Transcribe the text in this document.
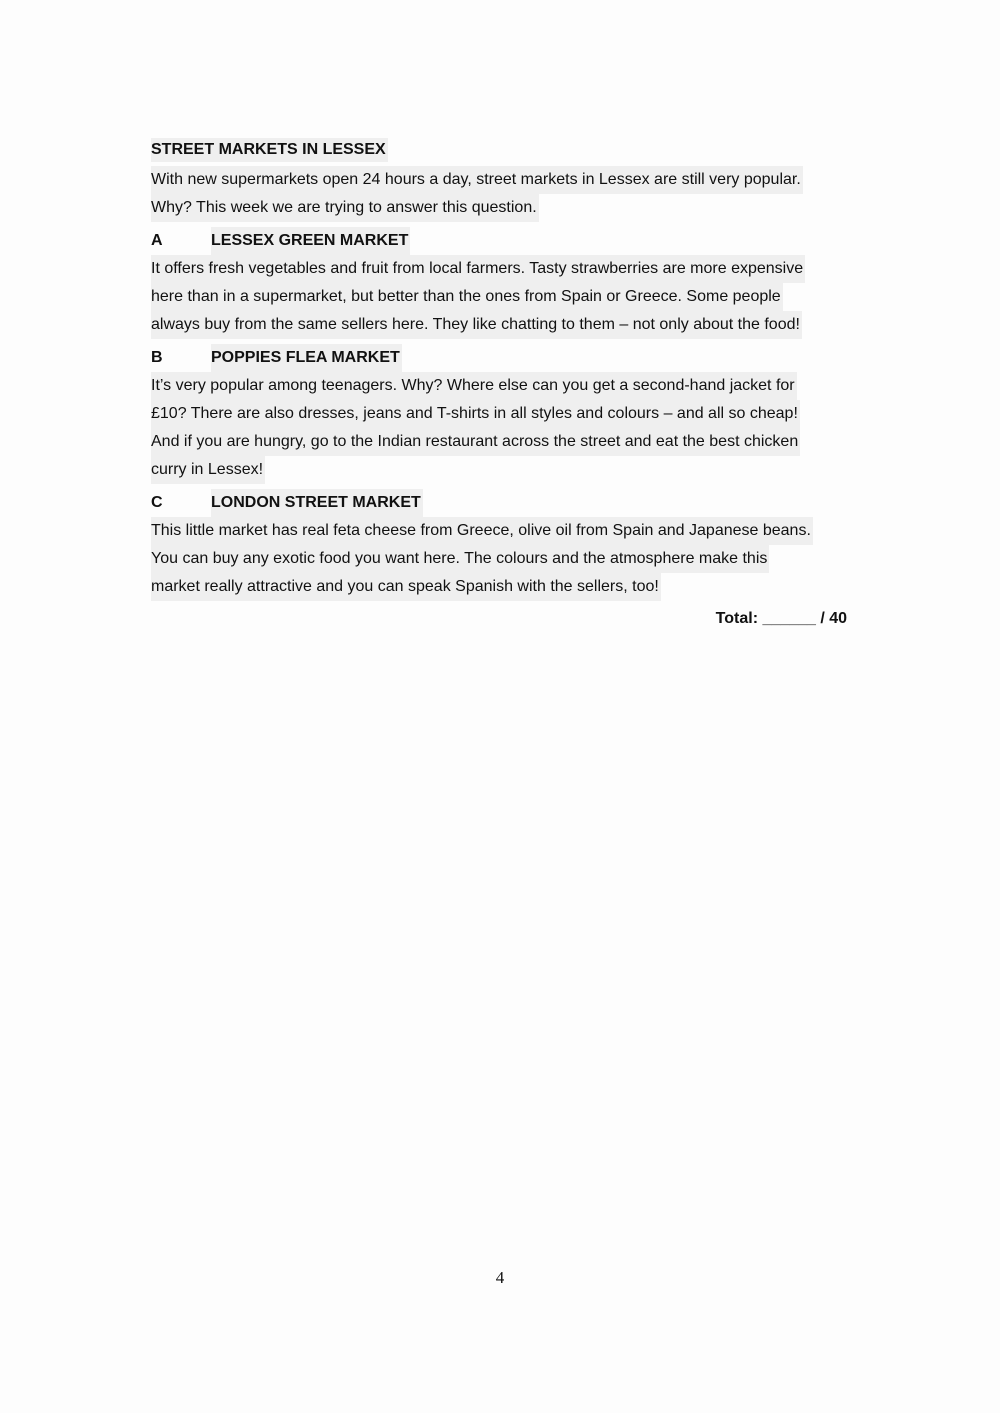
STREET MARKETS IN LESSEX
With new supermarkets open 24 hours a day, street markets in Lessex are still very popular.
Why? This week we are trying to answer this question.
A	LESSEX GREEN MARKET
It offers fresh vegetables and fruit from local farmers. Tasty strawberries are more expensive
here than in a supermarket, but better than the ones from Spain or Greece. Some people
always buy from the same sellers here. They like chatting to them – not only about the food!
B	POPPIES FLEA MARKET
It’s very popular among teenagers. Why? Where else can you get a second-hand jacket for
£10? There are also dresses, jeans and T-shirts in all styles and colours – and all so cheap!
And if you are hungry, go to the Indian restaurant across the street and eat the best chicken
curry in Lessex!
C	LONDON STREET MARKET
This little market has real feta cheese from Greece, olive oil from Spain and Japanese beans.
You can buy any exotic food you want here. The colours and the atmosphere make this
market really attractive and you can speak Spanish with the sellers, too!
Total: ______ / 40
4
